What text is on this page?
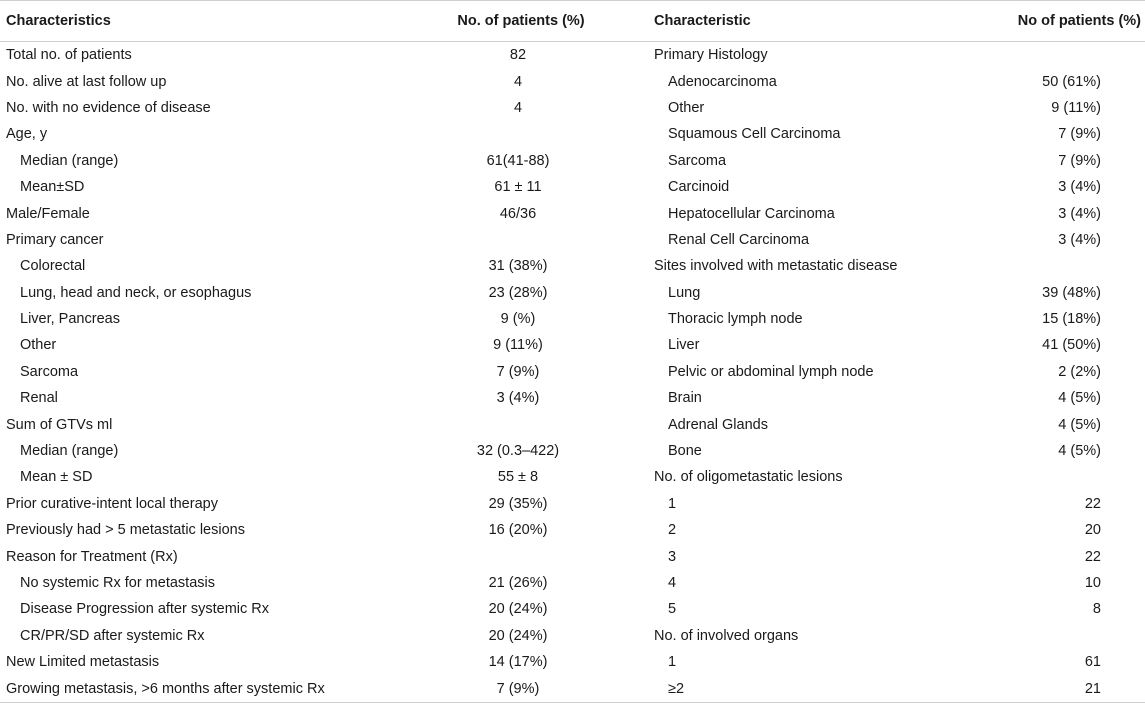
Characteristics	No. of patients (%)	Characteristic	No of patients (%)
Total no. of patients	82	Primary Histology	
No. alive at last follow up	4	Adenocarcinoma	50 (61%)
No. with no evidence of disease	4	Other	9 (11%)
Age, y		Squamous Cell Carcinoma	7 (9%)
Median (range)	61(41-88)	Sarcoma	7 (9%)
Mean±SD	61 ± 11	Carcinoid	3 (4%)
Male/Female	46/36	Hepatocellular Carcinoma	3 (4%)
Primary cancer		Renal Cell Carcinoma	3 (4%)
Colorectal	31 (38%)	Sites involved with metastatic disease	
Lung, head and neck, or esophagus	23 (28%)	Lung	39 (48%)
Liver, Pancreas	9 (%)	Thoracic lymph node	15 (18%)
Other	9 (11%)	Liver	41 (50%)
Sarcoma	7 (9%)	Pelvic or abdominal lymph node	2 (2%)
Renal	3 (4%)	Brain	4 (5%)
Sum of GTVs ml		Adrenal Glands	4 (5%)
Median (range)	32 (0.3–422)	Bone	4 (5%)
Mean ± SD	55 ± 8	No. of oligometastatic lesions	
Prior curative-intent local therapy	29 (35%)	1	22
Previously had > 5 metastatic lesions	16 (20%)	2	20
Reason for Treatment (Rx)		3	22
No systemic Rx for metastasis	21 (26%)	4	10
Disease Progression after systemic Rx	20 (24%)	5	8
CR/PR/SD after systemic Rx	20 (24%)	No. of involved organs	
New Limited metastasis	14 (17%)	1	61
Growing metastasis, >6 months after systemic Rx	7 (9%)	≥2	21
